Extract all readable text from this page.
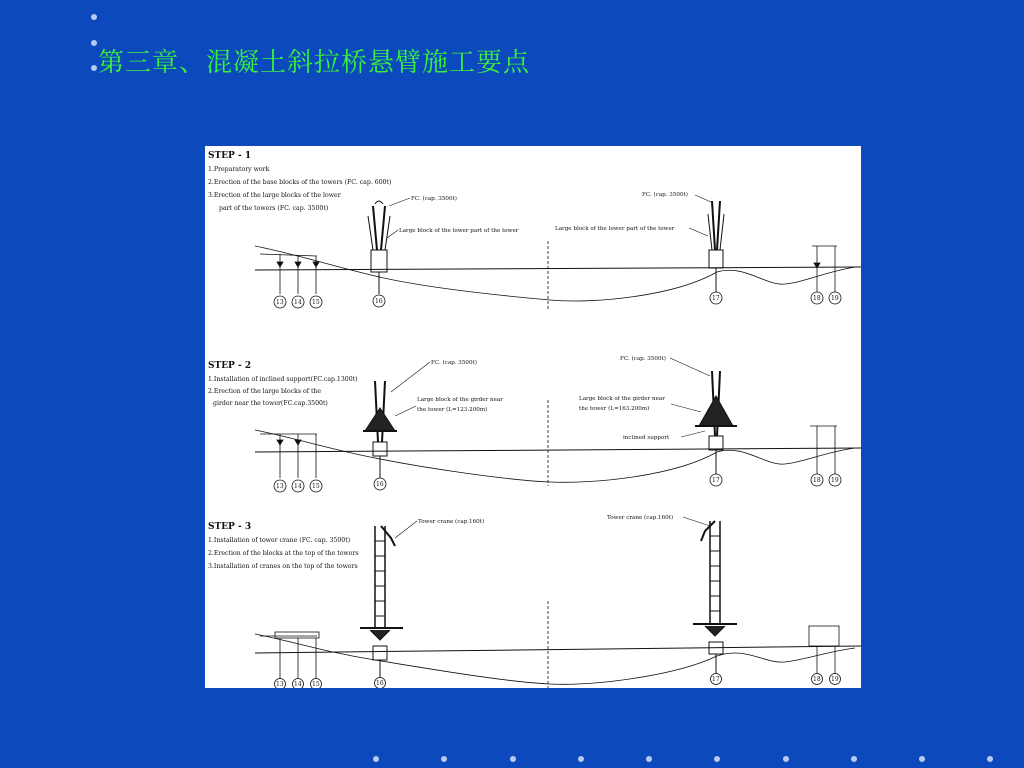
第三章、混凝土斜拉桥悬臂施工要点
STEP - 1
1.Preparatory work
2.Erection of the base blocks of the towers (FC. cap. 600t)
3.Erection of the large blocks of the lower
part of the towers (FC. cap. 3500t)
FC. (cap. 3500t)
Large block of the lower part of the tower
FC. (cap. 3500t)
Large block of the lower part of the tower
13 14 15	16	17	18 19
STEP - 2
1.Installation of inclined support(FC.cap.1300t)
2.Erection of the large blocks of the
girder near the tower(FC.cap.3500t)
FC. (cap. 3500t)
Large block of the girder near
the tower (L=123.200m)
FC. (cap. 3500t)
Large block of the girder near
the tower (L=163.200m)
inclined support
13 14 15	16
17	18 19
STEP - 3
1.Installation of tower crane (FC. cap. 3500t)
2.Erection of the blocks at the top of the towers
3.Installation of cranes on the top of the towers
Tower crane (cap.160t)
Tower crane (cap.160t)
13 14 15	16
17	18 19
